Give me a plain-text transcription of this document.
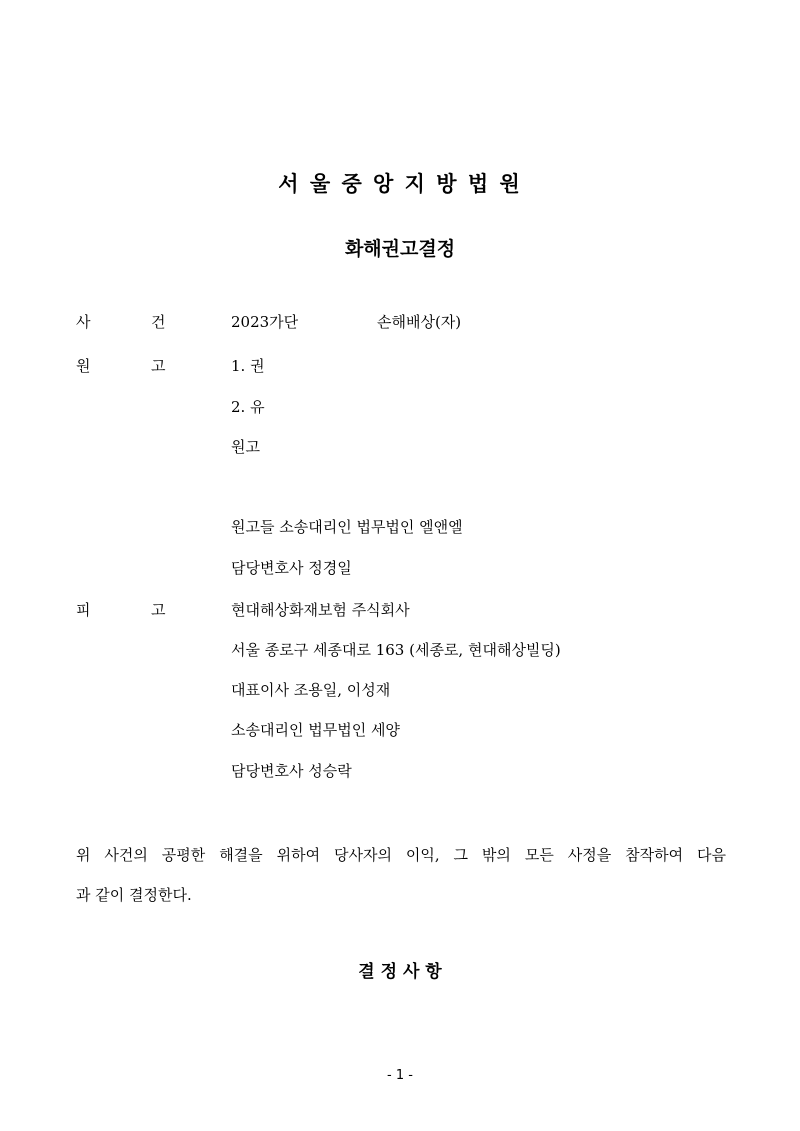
서 울 중 앙 지 방 법 원
화해권고결정
사	건	2023가단	손해배상(자)
원	고	1. 권
2. 유
원고
원고들 소송대리인 법무법인 엘앤엘
담당변호사 정경일
피	고	현대해상화재보험 주식회사
서울 종로구 세종대로 163 (세종로, 현대해상빌딩)
대표이사 조용일, 이성재
소송대리인 법무법인 세양
담당변호사 성승락
위 사건의 공평한 해결을 위하여 당사자의 이익, 그 밖의 모든 사정을 참작하여 다음
과 같이 결정한다.
결 정 사 항
- 1 -
